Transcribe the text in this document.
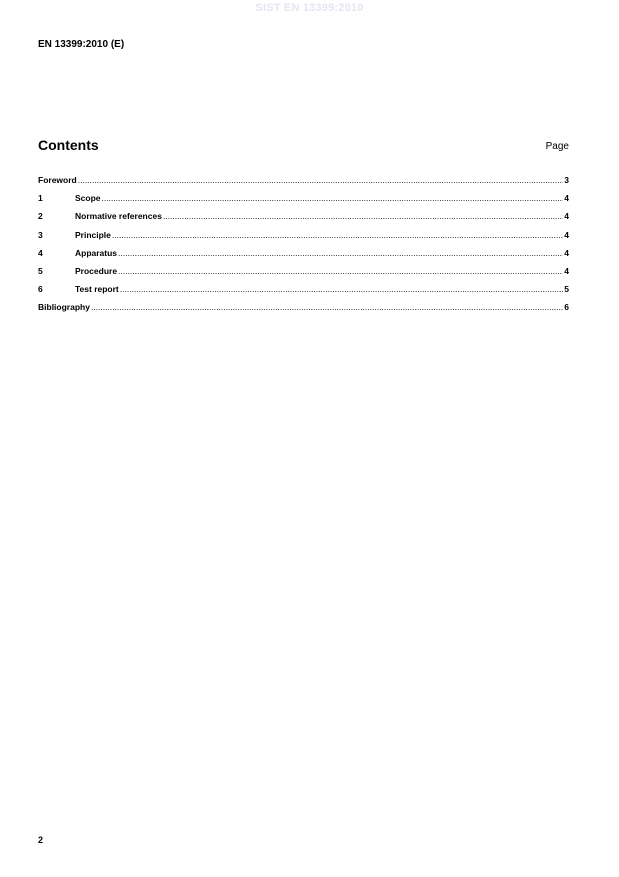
SIST EN 13399:2010
EN 13399:2010 (E)
Contents	Page
Foreword .....	3
1	Scope .....	4
2	Normative references .....	4
3	Principle .....	4
4	Apparatus .....	4
5	Procedure .....	4
6	Test report .....	5
Bibliography .....	6
2
